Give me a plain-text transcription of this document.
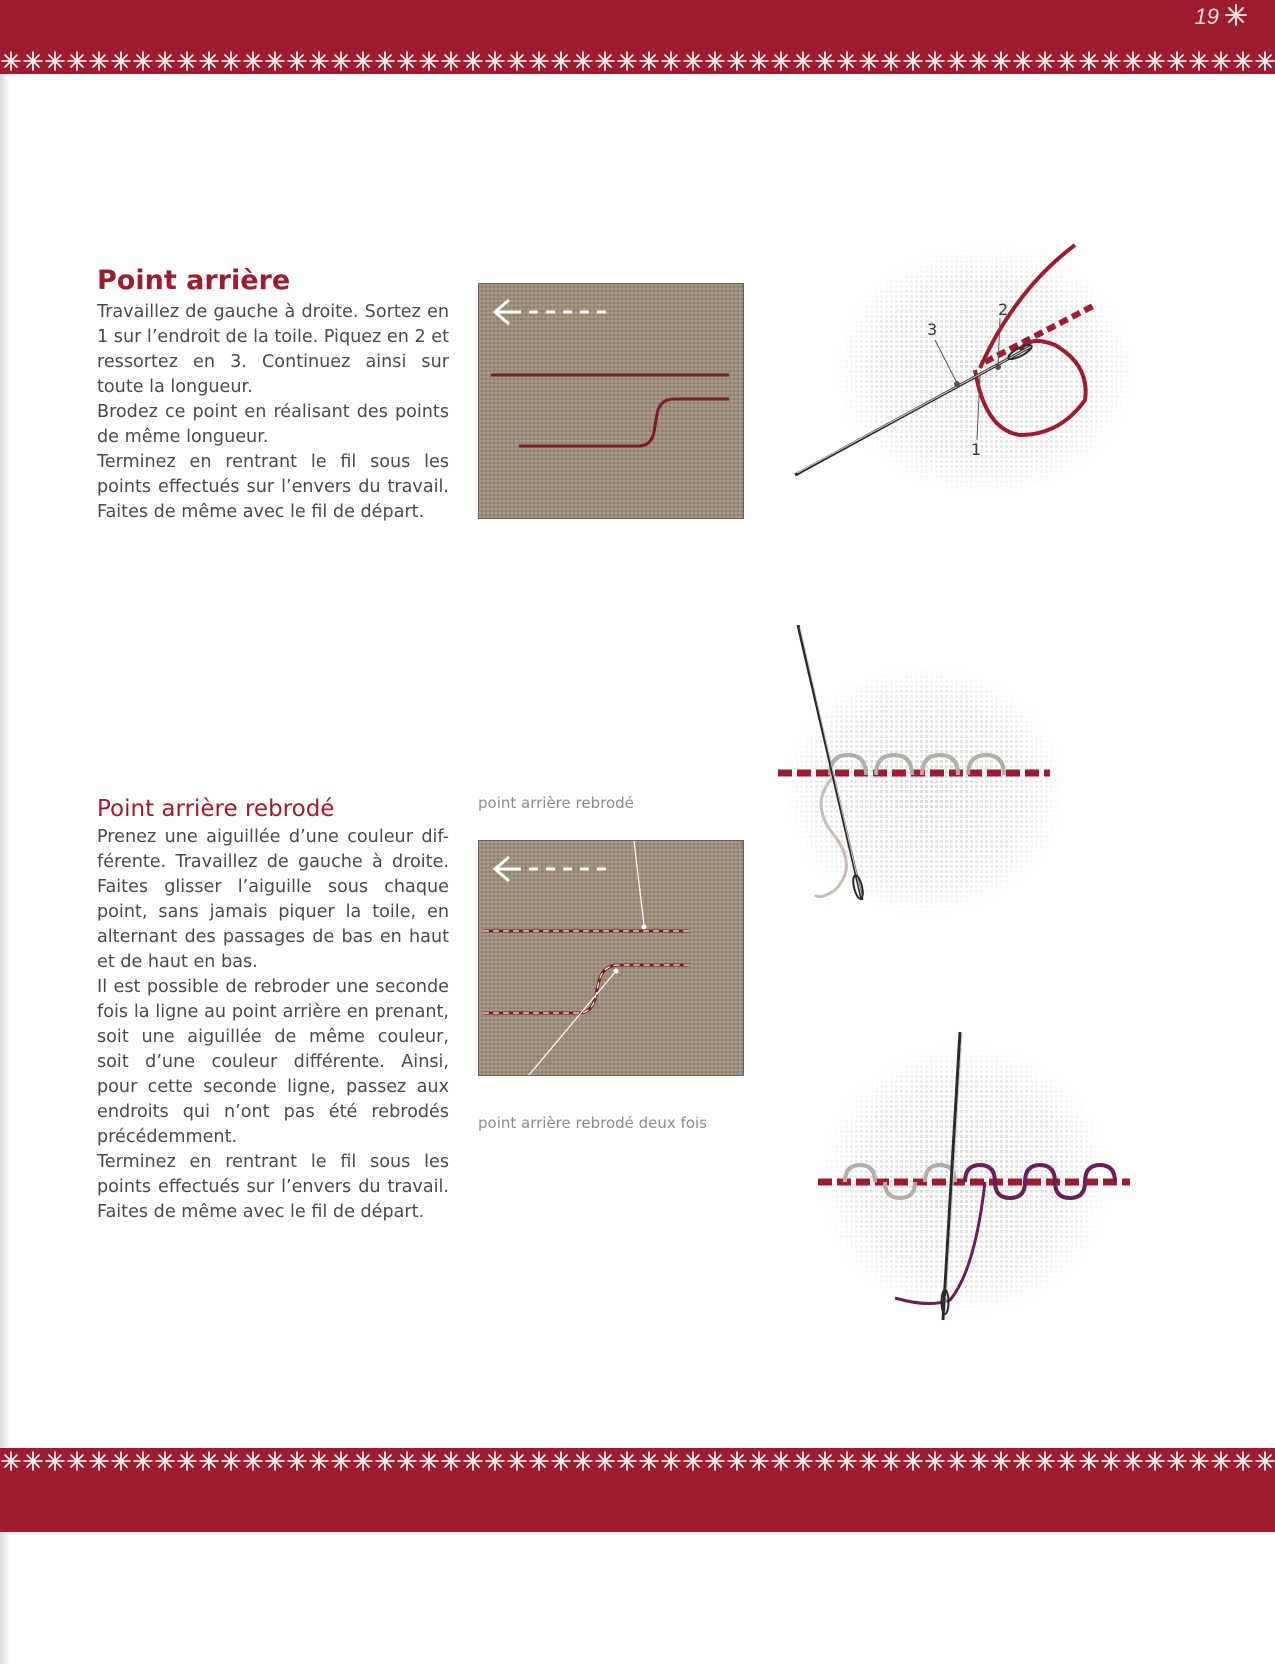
19
Point arrière

Travaillez de gauche à droite. Sortez en 1 sur l’endroit de la toile. Piquez en 2 et ressortez en 3. Continuez ainsi sur toute la longueur.

Brodez ce point en réalisant des points de même longueur.

Terminez en rentrant le fil sous les points effectués sur l’envers du travail. Faites de même avec le fil de départ.

3
2
1
Point arrière rebrodé

Prenez une aiguillée d’une couleur dif-férente. Travaillez de gauche à droite. Faites glisser l’aiguille sous chaque point, sans jamais piquer la toile, en alternant des passages de bas en haut et de haut en bas.

Il est possible de rebroder une seconde fois la ligne au point arrière en prenant, soit une aiguillée de même couleur, soit d’une couleur différente. Ainsi, pour cette seconde ligne, passez aux endroits qui n’ont pas été rebrodés précédemment.

Terminez en rentrant le fil sous les points effectués sur l’envers du travail. Faites de même avec le fil de départ.

point arrière rebrodé
point arrière rebrodé deux fois
